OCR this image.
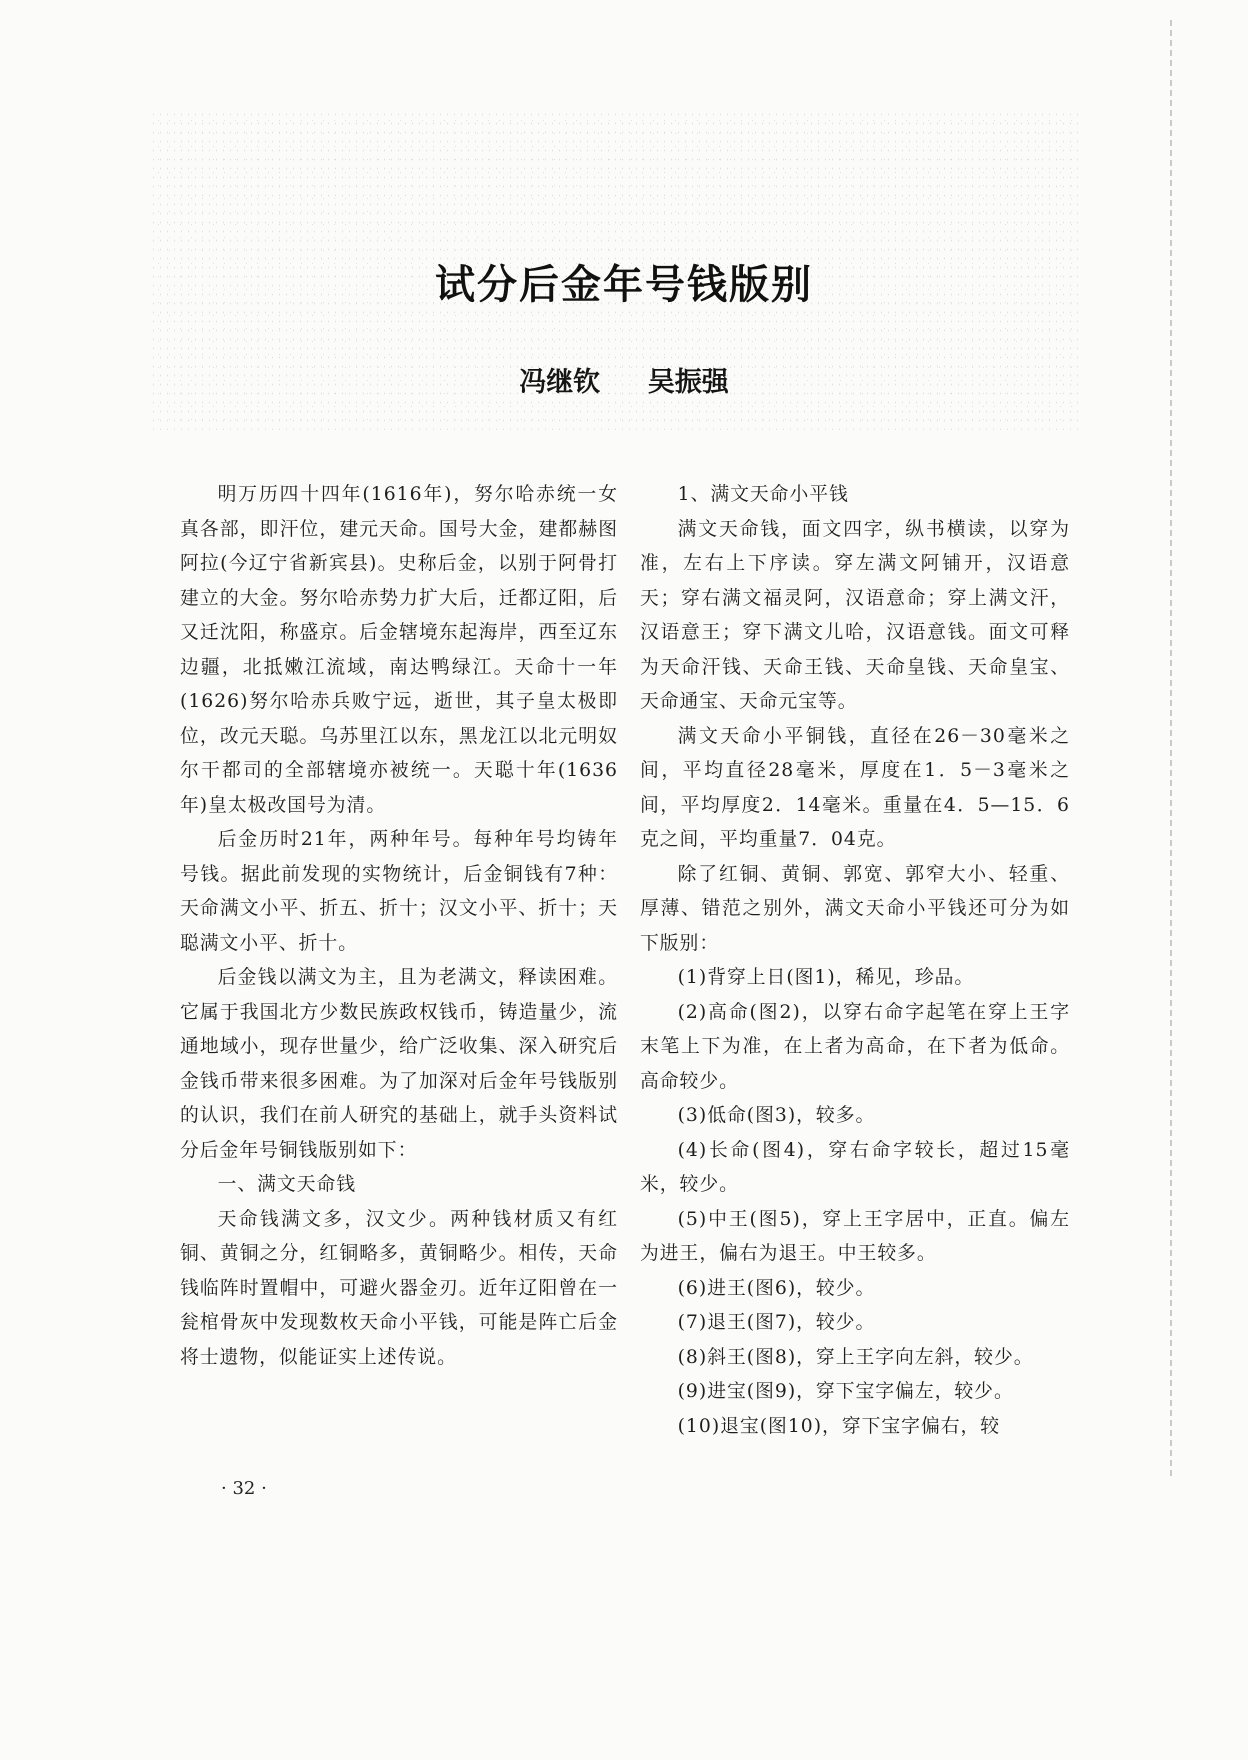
试分后金年号钱版别
冯继钦 吴振强

明万历四十四年(1616年)，努尔哈赤统一女真各部，即汗位，建元天命。国号大金，建都赫图阿拉(今辽宁省新宾县)。史称后金，以别于阿骨打建立的大金。努尔哈赤势力扩大后，迁都辽阳，后又迁沈阳，称盛京。后金辖境东起海岸，西至辽东边疆，北抵嫩江流域，南达鸭绿江。天命十一年(1626)努尔哈赤兵败宁远，逝世，其子皇太极即位，改元天聪。乌苏里江以东，黑龙江以北元明奴尔干都司的全部辖境亦被统一。天聪十年(1636年)皇太极改国号为清。

后金历时21年，两种年号。每种年号均铸年号钱。据此前发现的实物统计，后金铜钱有7种：天命满文小平、折五、折十；汉文小平、折十；天聪满文小平、折十。

后金钱以满文为主，且为老满文，释读困难。它属于我国北方少数民族政权钱币，铸造量少，流通地域小，现存世量少，给广泛收集、深入研究后金钱币带来很多困难。为了加深对后金年号钱版别的认识，我们在前人研究的基础上，就手头资料试分后金年号铜钱版别如下：

一、满文天命钱

天命钱满文多，汉文少。两种钱材质又有红铜、黄铜之分，红铜略多，黄铜略少。相传，天命钱临阵时置帽中，可避火器金刃。近年辽阳曾在一瓮棺骨灰中发现数枚天命小平钱，可能是阵亡后金将士遗物，似能证实上述传说。

1、满文天命小平钱

满文天命钱，面文四字，纵书横读，以穿为准，左右上下序读。穿左满文阿铺开，汉语意天；穿右满文福灵阿，汉语意命；穿上满文汗，汉语意王；穿下满文儿哈，汉语意钱。面文可释为天命汗钱、天命王钱、天命皇钱、天命皇宝、天命通宝、天命元宝等。

满文天命小平铜钱，直径在26－30毫米之间，平均直径28毫米，厚度在1．5－3毫米之间，平均厚度2．14毫米。重量在4．5—15．6克之间，平均重量7．04克。

除了红铜、黄铜、郭宽、郭窄大小、轻重、厚薄、错范之别外，满文天命小平钱还可分为如下版别：

(1)背穿上日(图1)，稀见，珍品。

(2)高命(图2)，以穿右命字起笔在穿上王字末笔上下为准，在上者为高命，在下者为低命。高命较少。

(3)低命(图3)，较多。

(4)长命(图4)，穿右命字较长，超过15毫米，较少。

(5)中王(图5)，穿上王字居中，正直。偏左为进王，偏右为退王。中王较多。

(6)进王(图6)，较少。

(7)退王(图7)，较少。

(8)斜王(图8)，穿上王字向左斜，较少。

(9)进宝(图9)，穿下宝字偏左，较少。

(10)退宝(图10)，穿下宝字偏右，较

· 32 ·
